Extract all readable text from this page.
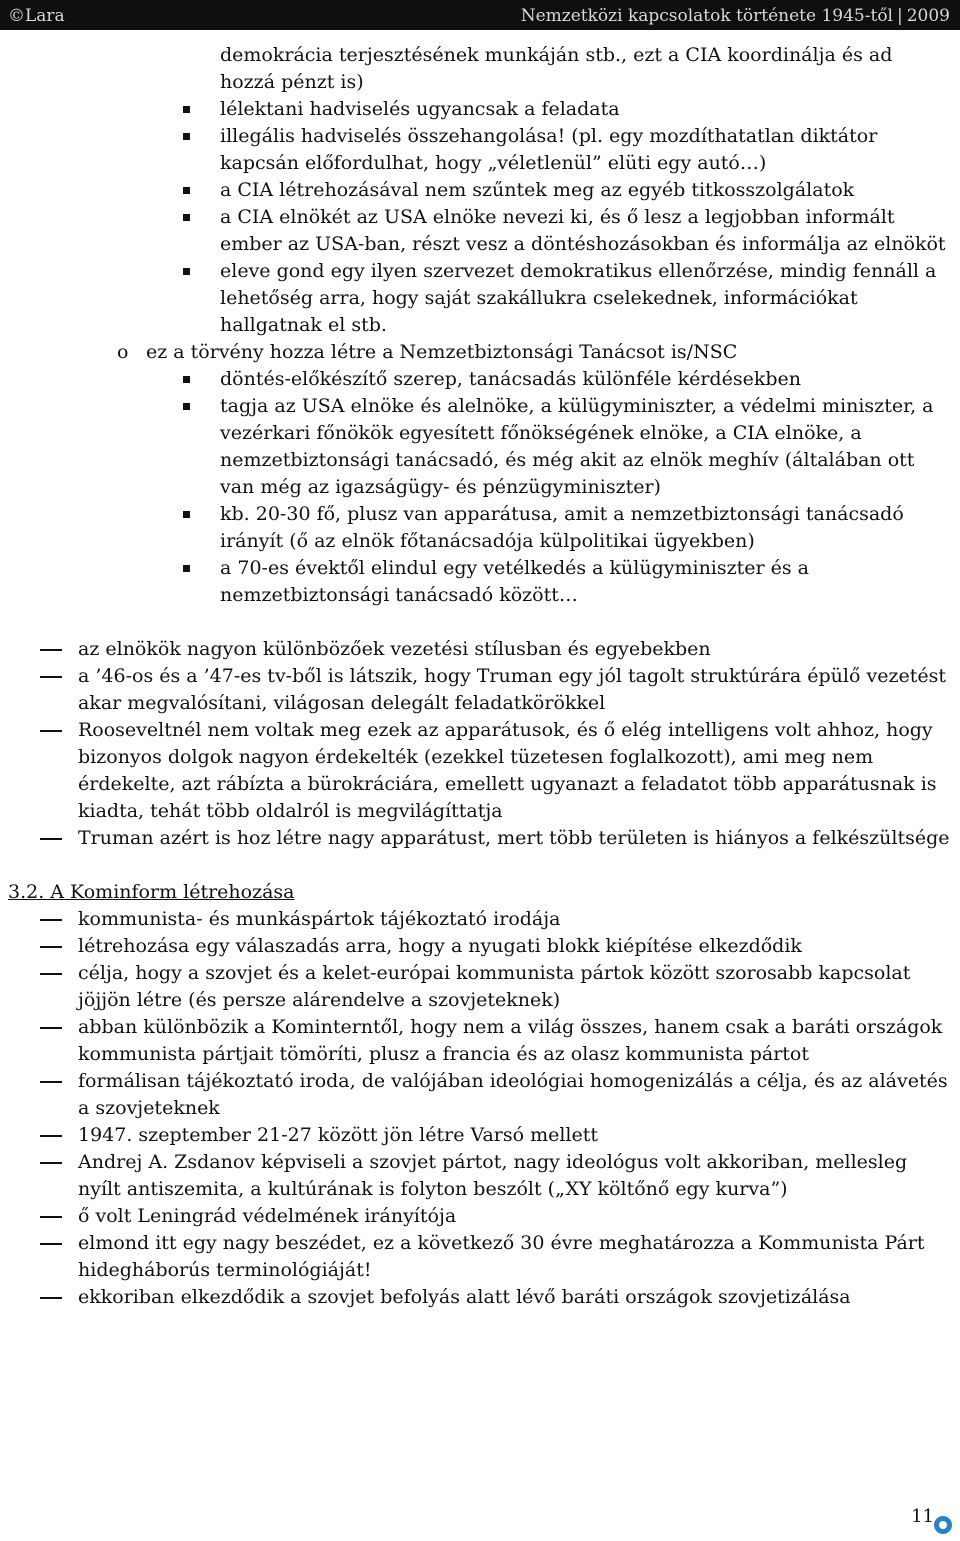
©Lara	Nemzetközi kapcsolatok története 1945-től | 2009
demokrácia terjesztésének munkáján stb., ezt a CIA koordinálja és ad hozzá pénzt is)
lélektani hadviselés ugyancsak a feladata
illegális hadviselés összehangolása! (pl. egy mozdíthatatlan diktátor kapcsán előfordulhat, hogy „véletlenül” elüti egy autó…)
a CIA létrehozásával nem szűntek meg az egyéb titkosszolgálatok
a CIA elnökét az USA elnöke nevezi ki, és ő lesz a legjobban informált ember az USA-ban, részt vesz a döntéshozásokban és informálja az elnököt
eleve gond egy ilyen szervezet demokratikus ellenőrzése, mindig fennáll a lehetőség arra, hogy saját szakállukra cselekednek, információkat hallgatnak el stb.
o ez a törvény hozza létre a Nemzetbiztonsági Tanácsot is/NSC
döntés-előkészítő szerep, tanácsadás különféle kérdésekben
tagja az USA elnöke és alelnöke, a külügyminiszter, a védelmi miniszter, a vezérkari főnökök egyesített főnökségének elnöke, a CIA elnöke, a nemzetbiztonsági tanácsadó, és még akit az elnök meghív (általában ott van még az igazságügy- és pénzügyminiszter)
kb. 20-30 fő, plusz van apparátusa, amit a nemzetbiztonsági tanácsadó irányít (ő az elnök főtanácsadója külpolitikai ügyekben)
a 70-es évektől elindul egy vetélkedés a külügyminiszter és a nemzetbiztonsági tanácsadó között…
az elnökök nagyon különbözőek vezetési stílusban és egyebekben
a ’46-os és a ’47-es tv-ből is látszik, hogy Truman egy jól tagolt struktúrára épülő vezetést akar megvalósítani, világosan delegált feladatkörökkel
Rooseveltnél nem voltak meg ezek az apparátusok, és ő elég intelligens volt ahhoz, hogy bizonyos dolgok nagyon érdekelték (ezekkel tüzetesen foglalkozott), ami meg nem érdekelte, azt rábízta a bürokráciára, emellett ugyanazt a feladatot több apparátusnak is kiadta, tehát több oldalról is megvilágíttatja
Truman azért is hoz létre nagy apparátust, mert több területen is hiányos a felkészültsége
3.2. A Kominform létrehozása
kommunista- és munkáspártok tájékoztató irodája
létrehozása egy válaszadás arra, hogy a nyugati blokk kiépítése elkezdődik
célja, hogy a szovjet és a kelet-európai kommunista pártok között szorosabb kapcsolat jöjjön létre (és persze alárendelve a szovjeteknek)
abban különbözik a Kominterntől, hogy nem a világ összes, hanem csak a baráti országok kommunista pártjait tömöríti, plusz a francia és az olasz kommunista pártot
formálisan tájékoztató iroda, de valójában ideológiai homogenizálás a célja, és az alávetés a szovjeteknek
1947. szeptember 21-27 között jön létre Varsó mellett
Andrej A. Zsdanov képviseli a szovjet pártot, nagy ideológus volt akkoriban, mellesleg nyílt antiszemita, a kultúrának is folyton beszólt („XY költőnő egy kurva”)
ő volt Leningrád védelmének irányítója
elmond itt egy nagy beszédet, ez a következő 30 évre meghatározza a Kommunista Párt hidegháborús terminológiáját!
ekkoriban elkezdődik a szovjet befolyás alatt lévő baráti országok szovjetizálása
11
